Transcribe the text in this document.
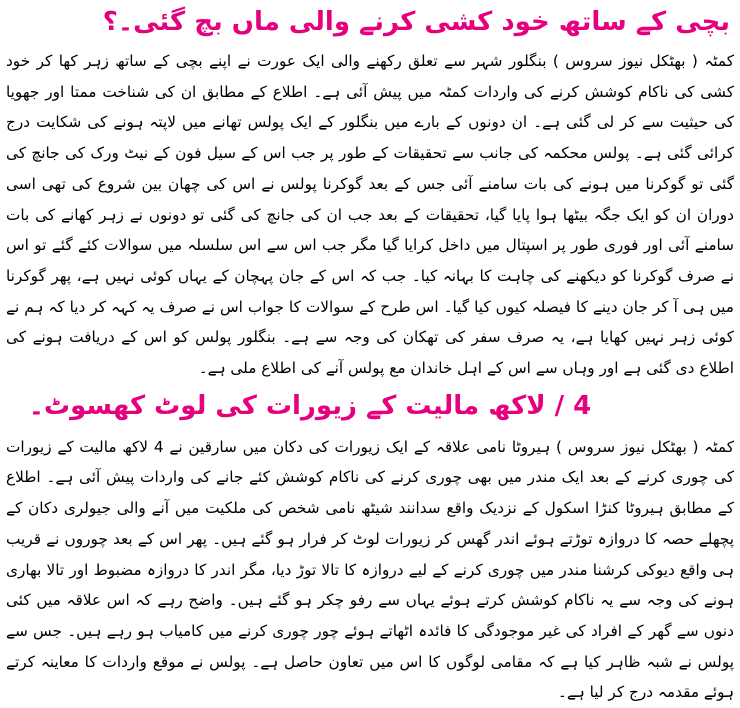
بچی کے ساتھ خود کشی کرنے والی ماں بچ گئی۔؟

کمٹہ ( بھٹکل نیوز سروس ) بنگلور شہر سے تعلق رکھنے والی ایک عورت نے اپنے بچی کے ساتھ زہر کھا کر خود کشی کی ناکام کوشش کرنے کی واردات کمٹہ میں پیش آئی ہے۔ اطلاع کے مطابق ان کی شناخت ممتا اور جھویا کی حیثیت سے کر لی گئی ہے۔ ان دونوں کے بارے میں بنگلور کے ایک پولس تھانے میں لاپتہ ہونے کی شکایت درج کرائی گئی ہے۔ پولس محکمہ کی جانب سے تحقیقات کے طور پر جب اس کے سیل فون کے نیٹ ورک کی جانچ کی گئی تو گوکرنا میں ہونے کی بات سامنے آئی جس کے بعد گوکرنا پولس نے اس کی چھان بین شروع کی تھی اسی دوران ان کو ایک جگہ بیٹھا ہوا پایا گیا، تحقیقات کے بعد جب ان کی جانچ کی گئی تو دونوں نے زہر کھانے کی بات سامنے آئی اور فوری طور پر اسپتال میں داخل کرایا گیا مگر جب اس سے اس سلسلہ میں سوالات کئے گئے تو اس نے صرف گوکرنا کو دیکھنے کی چاہت کا بہانہ کیا۔ جب کہ اس کے جان پہچان کے یہاں کوئی نہیں ہے، پھر گوکرنا میں ہی آ کر جان دینے کا فیصلہ کیوں کیا گیا۔ اس طرح کے سوالات کا جواب اس نے صرف یہ کہہ کر دیا کہ ہم نے کوئی زہر نہیں کھایا ہے، یہ صرف سفر کی تھکان کی وجہ سے ہے۔ بنگلور پولس کو اس کے دریافت ہونے کی اطلاع دی گئی ہے اور وہاں سے اس کے اہل خاندان مع پولس آنے کی اطلاع ملی ہے۔

4 / لاکھ مالیت کے زیورات کی لوٹ کھسوٹ۔

کمٹہ ( بھٹکل نیوز سروس ) ہیروٹا نامی علاقہ کے ایک زیورات کی دکان میں سارقین نے 4 لاکھ مالیت کے زیورات کی چوری کرنے کے بعد ایک مندر میں بھی چوری کرنے کی ناکام کوشش کئے جانے کی واردات پیش آئی ہے۔ اطلاع کے مطابق ہیروٹا کنڑا اسکول کے نزدیک واقع سدانند شیٹھ نامی شخص کی ملکیت میں آنے والی جیولری دکان کے پچھلے حصہ کا دروازہ توڑتے ہوئے اندر گھس کر زیورات لوٹ کر فرار ہو گئے ہیں۔ پھر اس کے بعد چوروں نے قریب ہی واقع دیوکی کرشنا مندر میں چوری کرنے کے لیے دروازہ کا تالا توڑ دیا، مگر اندر کا دروازہ مضبوط اور تالا بھاری ہونے کی وجہ سے یہ ناکام کوشش کرتے ہوئے یہاں سے رفو چکر ہو گئے ہیں۔ واضح رہے کہ اس علاقہ میں کئی دنوں سے گھر کے افراد کی غیر موجودگی کا فائدہ اٹھاتے ہوئے چور چوری کرنے میں کامیاب ہو رہے ہیں۔ جس سے پولس نے شبہ ظاہر کیا ہے کہ مقامی لوگوں کا اس میں تعاون حاصل ہے۔ پولس نے موقع واردات کا معاینہ کرتے ہوئے مقدمہ درج کر لیا ہے۔
